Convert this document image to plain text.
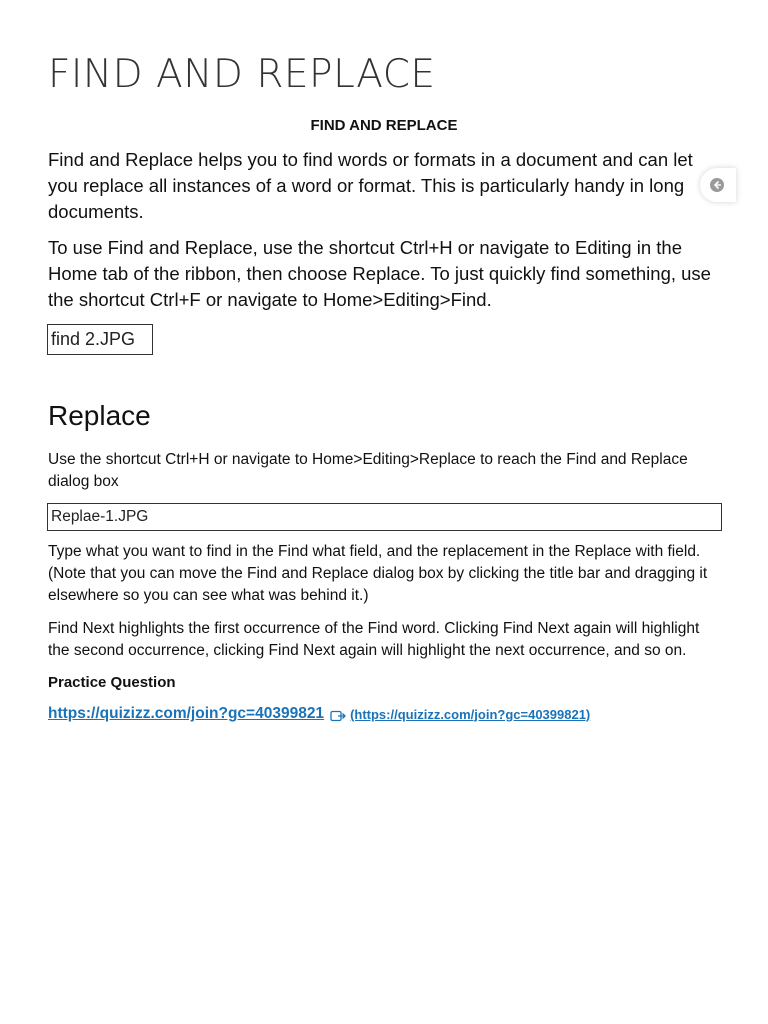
FIND AND REPLACE

FIND AND REPLACE

Find and Replace helps you to find words or formats in a document and can let you replace all instances of a word or format. This is particularly handy in long documents.

To use Find and Replace, use the shortcut Ctrl+H or navigate to Editing in the Home tab of the ribbon, then choose Replace. To just quickly find something, use the shortcut Ctrl+F or navigate to Home>Editing>Find.

find 2.JPG
Replace

Use the shortcut Ctrl+H or navigate to Home>Editing>Replace to reach the Find and Replace dialog box

Replae-1.JPG

Type what you want to find in the Find what field, and the replacement in the Replace with field. (Note that you can move the Find and Replace dialog box by clicking the title bar and dragging it elsewhere so you can see what was behind it.)

Find Next highlights the first occurrence of the Find word. Clicking Find Next again will highlight the second occurrence, clicking Find Next again will highlight the next occurrence, and so on.

Practice Question

https://quizizz.com/join?gc=40399821 (https://quizizz.com/join?gc=40399821)
